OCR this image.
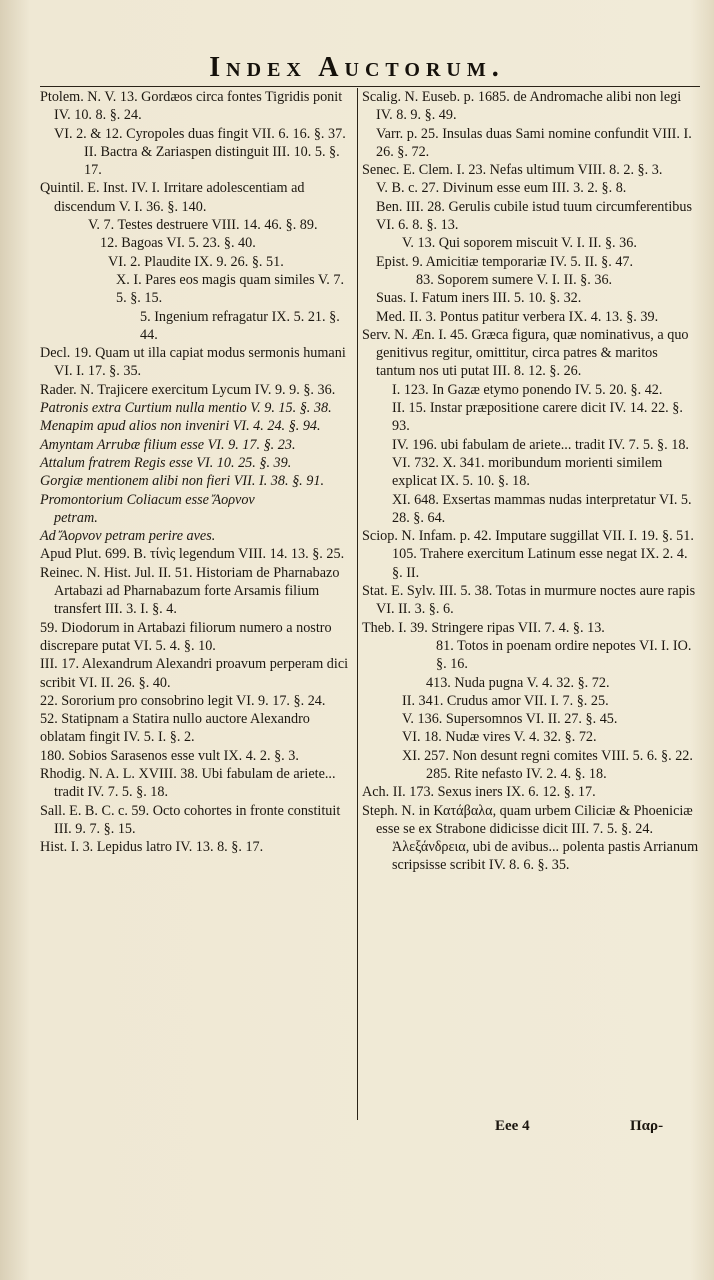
Index Auctorum.

Ptolem. N. V. 13. Gordæos circa fontes Tigridis ponit IV. 10. 8. §. 24.

VI. 2. & 12. Cyropoles duas fingit VII. 6. 16. §. 37.

II. Bactra & Zariaspen distinguit III. 10. 5. §. 17.

Quintil. E. Inst. IV. I. Irritare adolescentiam ad discendum V. I. 36. §. 140.

V. 7. Testes destruere VIII. 14. 46. §. 89.

12. Bagoas VI. 5. 23. §. 40.

VI. 2. Plaudite IX. 9. 26. §. 51.

X. I. Pares eos magis quam similes V. 7. 5. §. 15.

5. Ingenium refragatur IX. 5. 21. §. 44.

Decl. 19. Quam ut illa capiat modus sermonis humani VI. I. 17. §. 35.

Rader. N. Trajicere exercitum Lycum IV. 9. 9. §. 36.

Patronis extra Curtium nulla mentio V. 9. 15. §. 38.

Menapim apud alios non inveniri VI. 4. 24. §. 94.

Amyntam Arrubæ filium esse VI. 9. 17. §. 23.

Attalum fratrem Regis esse VI. 10. 25. §. 39.

Gorgiæ mentionem alibi non fieri VII. I. 38. §. 91.

Promontorium Coliacum esse Ἄορνον petram.

Ad Ἄορνον petram perire aves.

Apud Plut. 699. B. τίνὶς legendum VIII. 14. 13. §. 25.

Reinec. N. Hist. Jul. II. 51. Historiam de Pharnabazo Artabazi ad Pharnabazum forte Arsamis filium transfert III. 3. I. §. 4.

59. Diodorum in Artabazi filiorum numero a nostro discrepare putat VI. 5. 4. §. 10.

III. 17. Alexandrum Alexandri proavum perperam dici scribit VI. II. 26. §. 40.

22. Sororium pro consobrino legit VI. 9. 17. §. 24.

52. Statipnam a Statira nullo auctore Alexandro oblatam fingit IV. 5. I. §. 2.

180. Sobios Sarasenos esse vult IX. 4. 2. §. 3.

Rhodig. N. A. L. XVIII. 38. Ubi fabulam de ariete... tradit IV. 7. 5. §. 18.

Sall. E. B. C. c. 59. Octo cohortes in fronte constituit III. 9. 7. §. 15.

Hist. I. 3. Lepidus latro IV. 13. 8. §. 17.

Scalig. N. Euseb. p. 1685. de Andromache alibi non legi IV. 8. 9. §. 49.

Varr. p. 25. Insulas duas Sami nomine confundit VIII. I. 26. §. 72.

Senec. E. Clem. I. 23. Nefas ultimum VIII. 8. 2. §. 3.

V. B. c. 27. Divinum esse eum III. 3. 2. §. 8.

Ben. III. 28. Gerulis cubile istud tuum circumferentibus VI. 6. 8. §. 13.

V. 13. Qui soporem miscuit V. I. II. §. 36.

Epist. 9. Amicitiæ temporariæ IV. 5. II. §. 47.

83. Soporem sumere V. I. II. §. 36.

Suas. I. Fatum iners III. 5. 10. §. 32.

Med. II. 3. Pontus patitur verbera IX. 4. 13. §. 39.

Serv. N. Æn. I. 45. Græca figura, quæ nominativus, a quo genitivus regitur, omittitur, circa patres & maritos tantum nos uti putat III. 8. 12. §. 26.

I. 123. In Gazæ etymo ponendo IV. 5. 20. §. 42.

II. 15. Instar præpositione carere dicit IV. 14. 22. §. 93.

IV. 196. ubi fabulam de ariete... tradit IV. 7. 5. §. 18.

VI. 732. X. 341. moribundum morienti similem explicat IX. 5. 10. §. 18.

XI. 648. Exsertas mammas nudas interpretatur VI. 5. 28. §. 64.

Sciop. N. Infam. p. 42. Imputare suggillat VII. I. 19. §. 51.

105. Trahere exercitum Latinum esse negat IX. 2. 4. §. II.

Stat. E. Sylv. III. 5. 38. Totas in murmure noctes aure rapis VI. II. 3. §. 6.

Theb. I. 39. Stringere ripas VII. 7. 4. §. 13.

81. Totos in poenam ordire nepotes VI. I. IO. §. 16.

413. Nuda pugna V. 4. 32. §. 72.

II. 341. Crudus amor VII. I. 7. §. 25.

V. 136. Supersomnos VI. II. 27. §. 45.

VI. 18. Nudæ vires V. 4. 32. §. 72.

XI. 257. Non desunt regni comites VIII. 5. 6. §. 22.

285. Rite nefasto IV. 2. 4. §. 18.

Ach. II. 173. Sexus iners IX. 6. 12. §. 17.

Steph. N. in Κατάβαλα, quam urbem Ciliciæ & Phoeniciæ esse se ex Strabone didicisse dicit III. 7. 5. §. 24.

Ἀλεξάνδρεια, ubi de avibus... polenta pastis Arrianum scripsisse scribit IV. 8. 6. §. 35.

Eee 4	Παρ-
